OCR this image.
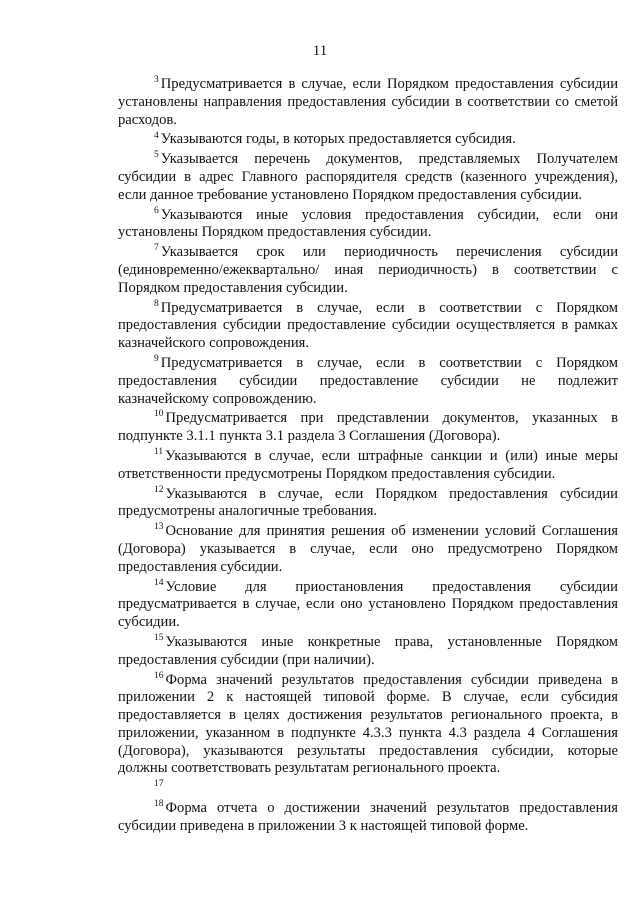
11

$^3$ Предусматривается в случае, если Порядком предоставления субсидии установлены направления предоставления субсидии в соответствии со сметой расходов.

$^4$ Указываются годы, в которых предоставляется субсидия.

$^5$ Указывается перечень документов, представляемых Получателем субсидии в адрес Главного распорядителя средств (казенного учреждения), если данное требование установлено Порядком предоставления субсидии.

$^6$ Указываются иные условия предоставления субсидии, если они установлены Порядком предоставления субсидии.

$^7$ Указывается срок или периодичность перечисления субсидии (единовременно/ежеквартально/ иная периодичность) в соответствии с Порядком предоставления субсидии.

$^8$ Предусматривается в случае, если в соответствии с Порядком предоставления субсидии предоставление субсидии осуществляется в рамках казначейского сопровождения.

$^9$ Предусматривается в случае, если в соответствии с Порядком предоставления субсидии предоставление субсидии не подлежит казначейскому сопровождению.

$^{10}$ Предусматривается при представлении документов, указанных в подпункте 3.1.1 пункта 3.1 раздела 3 Соглашения (Договора).

$^{11}$ Указываются в случае, если штрафные санкции и (или) иные меры ответственности предусмотрены Порядком предоставления субсидии.

$^{12}$ Указываются в случае, если Порядком предоставления субсидии предусмотрены аналогичные требования.

$^{13}$ Основание для принятия решения об изменении условий Соглашения (Договора) указывается в случае, если оно предусмотрено Порядком предоставления субсидии.

$^{14}$ Условие для приостановления предоставления субсидии предусматривается в случае, если оно установлено Порядком предоставления субсидии.

$^{15}$ Указываются иные конкретные права, установленные Порядком предоставления субсидии (при наличии).

$^{16}$ Форма значений результатов предоставления субсидии приведена в приложении 2 к настоящей типовой форме. В случае, если субсидия предоставляется в целях достижения результатов регионального проекта, в приложении, указанном в подпункте 4.3.3 пункта 4.3 раздела 4 Соглашения (Договора), указываются результаты предоставления субсидии, которые должны соответствовать результатам регионального проекта.

$^{17}$

$^{18}$ Форма отчета о достижении значений результатов предоставления субсидии приведена в приложении 3 к настоящей типовой форме.
